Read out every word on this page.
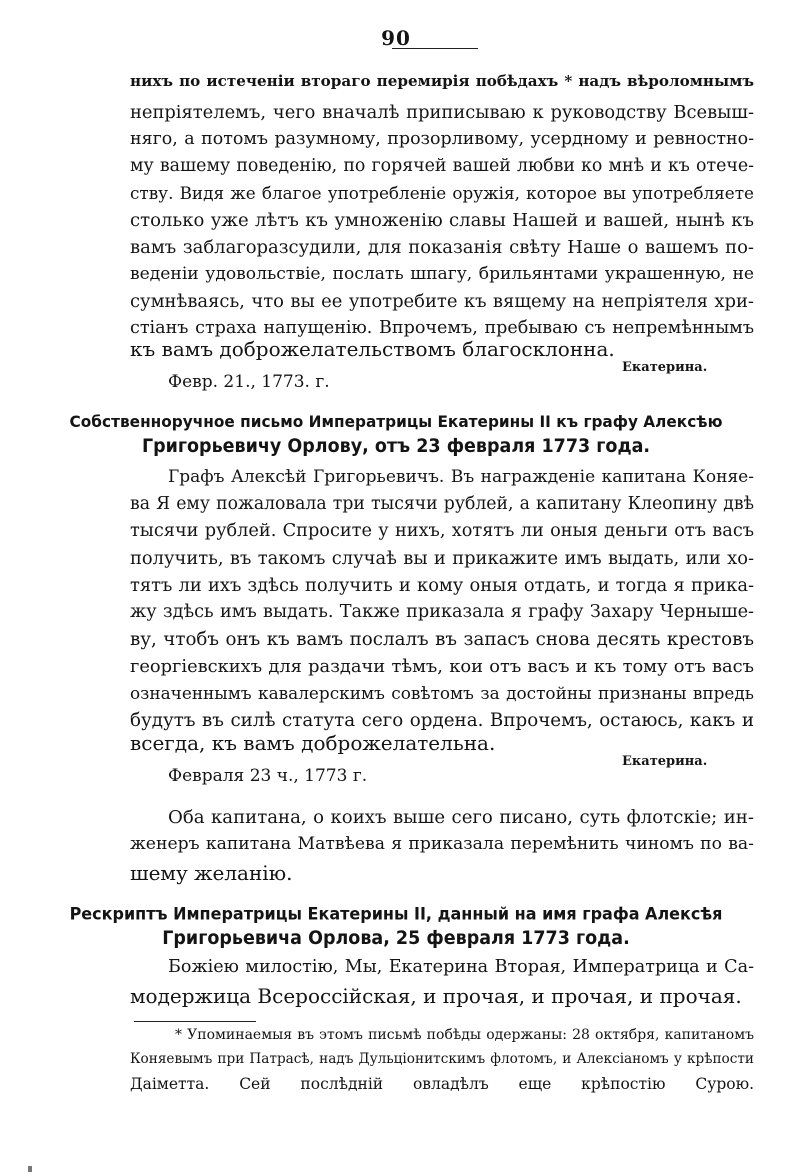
90
нихъ по истеченіи втораго перемирія побѣдахъ * надъ вѣроломнымъ
непріятелемъ, чего вначалѣ приписываю к руководству Всевыш-
няго, а потомъ разумному, прозорливому, усердному и ревностно-
му вашему поведенію, по горячей вашей любви ко мнѣ и къ отече-
ству. Видя же благое употребленіе оружія, которое вы употребляете
столько уже лѣтъ къ умноженію славы Нашей и вашей, нынѣ къ
вамъ заблагоразсудили, для показанія свѣту Наше о вашемъ по-
веденіи удовольствіе, послать шпагу, брильянтами украшенную, не
сумнѣваясь, что вы ее употребите къ вящему на непріятеля хри-
стіанъ страха напущенію. Впрочемъ, пребываю съ непремѣннымъ
къ вамъ доброжелательствомъ благосклонна.
Екатерина.
Февр. 21., 1773. г.
Собственноручное письмо Императрицы Екатерины II къ графу Алексѣю
Григорьевичу Орлову, отъ 23 февраля 1773 года.
Графъ Алексѣй Григорьевичъ. Въ награжденіе капитана Коняе-
ва Я ему пожаловала три тысячи рублей, а капитану Клеопину двѣ
тысячи рублей. Спросите у нихъ, хотятъ ли оныя деньги отъ васъ
получить, въ такомъ случаѣ вы и прикажите имъ выдать, или хо-
тятъ ли ихъ здѣсь получить и кому оныя отдать, и тогда я прика-
жу здѣсь имъ выдать. Также приказала я графу Захару Чернышe-
ву, чтобъ онъ къ вамъ послалъ въ запасъ снова десять крестовъ
георгіевскихъ для раздачи тѣмъ, кои отъ васъ и къ тому отъ васъ
означеннымъ кавалерскимъ совѣтомъ за достойны признаны впредь
будутъ въ силѣ статута сего ордена. Впрочемъ, остаюсь, какъ и
всегда, къ вамъ доброжелательна.
Екатерина.
Февраля 23 ч., 1773 г.
Оба капитана, о коихъ выше сего писано, суть флотскіе; ин-
женеръ капитана Матвѣева я приказала перемѣнить чиномъ по ва-
шему желанію.
Рескриптъ Императрицы Екатерины II, данный на имя графа Алексѣя
Григорьевича Орлова, 25 февраля 1773 года.
Божіею милостію, Мы, Екатерина Вторая, Императрица и Са-
модержица Всероссійская, и прочая, и прочая, и прочая.
* Упоминаемыя въ этомъ письмѣ побѣды одержаны: 28 октября, капитаномъ
Коняевымъ при Патрасѣ, надъ Дульціонитскимъ флотомъ, и Алексіаномъ у крѣпости
Даіметта. Сей послѣдній овладѣлъ еще крѣпостію Сурою.
